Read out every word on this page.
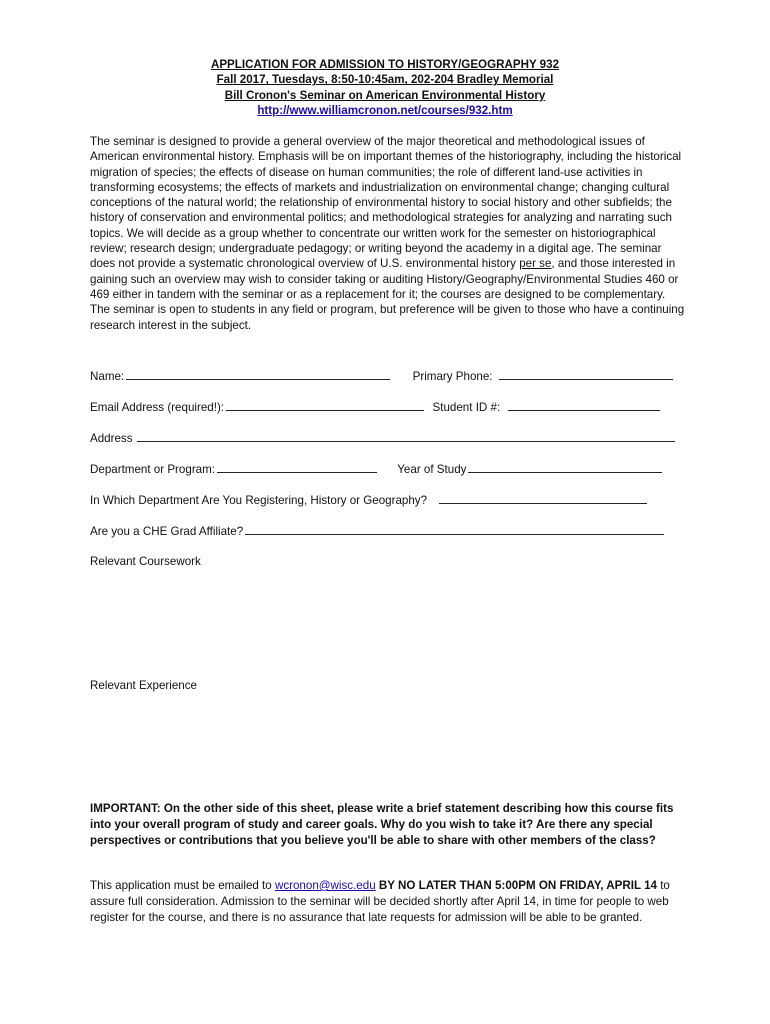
APPLICATION FOR ADMISSION TO HISTORY/GEOGRAPHY 932
Fall 2017, Tuesdays, 8:50-10:45am, 202-204 Bradley Memorial
Bill Cronon's Seminar on American Environmental History
http://www.williamcronon.net/courses/932.htm
The seminar is designed to provide a general overview of the major theoretical and methodological issues of American environmental history. Emphasis will be on important themes of the historiography, including the historical migration of species; the effects of disease on human communities; the role of different land-use activities in transforming ecosystems; the effects of markets and industrialization on environmental change; changing cultural conceptions of the natural world; the relationship of environmental history to social history and other subfields; the history of conservation and environmental politics; and methodological strategies for analyzing and narrating such topics. We will decide as a group whether to concentrate our written work for the semester on historiographical review; research design; undergraduate pedagogy; or writing beyond the academy in a digital age. The seminar does not provide a systematic chronological overview of U.S. environmental history per se, and those interested in gaining such an overview may wish to consider taking or auditing History/Geography/Environmental Studies 460 or 469 either in tandem with the seminar or as a replacement for it; the courses are designed to be complementary. The seminar is open to students in any field or program, but preference will be given to those who have a continuing research interest in the subject.
Name:	Primary Phone:
Email Address (required!):	Student ID #:
Address
Department or Program:	Year of Study
In Which Department Are You Registering, History or Geography?
Are you a CHE Grad Affiliate?
Relevant Coursework
Relevant Experience
IMPORTANT: On the other side of this sheet, please write a brief statement describing how this course fits into your overall program of study and career goals. Why do you wish to take it? Are there any special perspectives or contributions that you believe you'll be able to share with other members of the class?
This application must be emailed to wcronon@wisc.edu BY NO LATER THAN 5:00PM ON FRIDAY, APRIL 14 to assure full consideration. Admission to the seminar will be decided shortly after April 14, in time for people to web register for the course, and there is no assurance that late requests for admission will be able to be granted.
